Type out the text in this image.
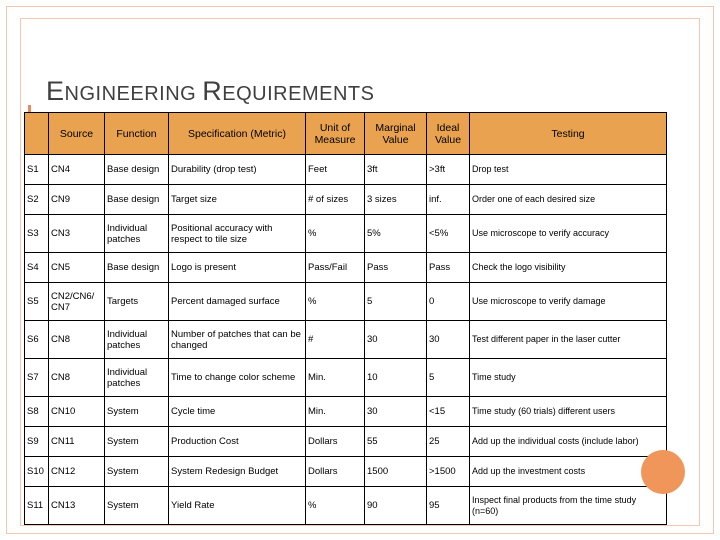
ENGINEERING REQUIREMENTS
	Source	Function	Specification (Metric)	Unit of Measure	Marginal Value	Ideal Value	Testing
S1	CN4	Base design	Durability (drop test)	Feet	3ft	>3ft	Drop test
S2	CN9	Base design	Target size	# of sizes	3 sizes	inf.	Order one of each desired size
S3	CN3	Individual patches	Positional accuracy with respect to tile size	%	5%	<5%	Use microscope to verify accuracy
S4	CN5	Base design	Logo is present	Pass/Fail	Pass	Pass	Check the logo visibility
S5	CN2/CN6/ CN7	Targets	Percent damaged surface	%	5	0	Use microscope to verify damage
S6	CN8	Individual patches	Number of patches that can be changed	#	30	30	Test different paper in the laser cutter
S7	CN8	Individual patches	Time to change color scheme	Min.	10	5	Time study
S8	CN10	System	Cycle time	Min.	30	<15	Time study (60 trials) different users
S9	CN11	System	Production Cost	Dollars	55	25	Add up the individual costs (include labor)
S10	CN12	System	System Redesign Budget	Dollars	1500	>1500	Add up the investment costs
S11	CN13	System	Yield Rate	%	90	95	Inspect final products from the time study (n=60)
